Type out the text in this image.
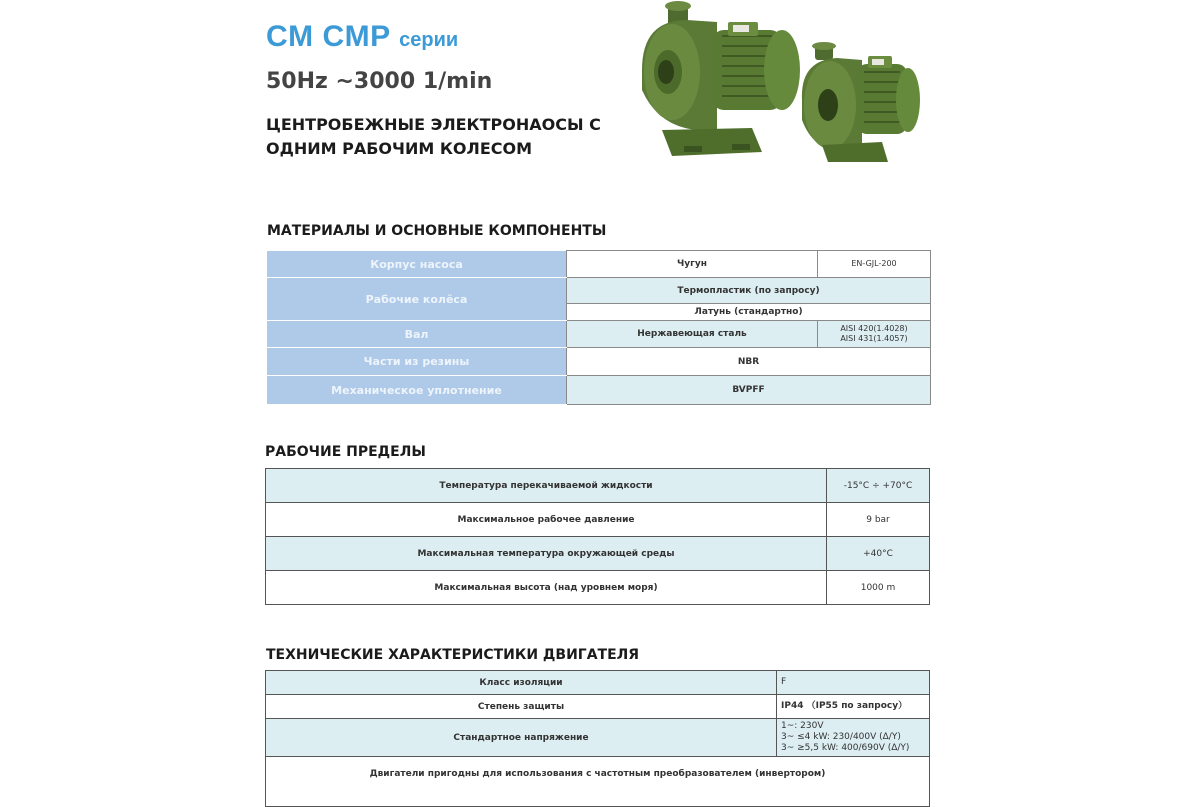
CM CMP серии
50Hz ~3000 1/min
ЦЕНТРОБЕЖНЫЕ ЭЛЕКТРОНАОСЫ С ОДНИМ РАБОЧИМ КОЛЕСОМ
МАТЕРИАЛЫ И ОСНОВНЫЕ КОМПОНЕНТЫ
Корпус насоса	Чугун	EN-GJL-200
Рабочие колёса	Термопластик (по запросу)	
	Латунь (стандартно)	
Вал	Нержавеющая сталь	AISI 420(1.4028)
AISI 431(1.4057)

Части из резины	NBR	
Механическое уплотнение	BVPFF	
РАБОЧИЕ ПРЕДЕЛЫ
Температура перекачиваемой жидкости	-15°C ÷ +70°C
Максимальное рабочее давление	9 bar
Максимальная температура окружающей среды	+40°C
Максимальная высота (над уровнем моря)	1000 m
ТЕХНИЧЕСКИЕ ХАРАКТЕРИСТИКИ ДВИГАТЕЛЯ
Класс изоляции	F
Степень защиты	IP44 （IP55 по запросу）
Стандартное напряжение	1~: 230V
3~ ≤4 kW: 230/400V (Δ/Y)
3~ ≥5,5 kW: 400/690V (Δ/Y)

Двигатели пригодны для использования с частотным преобразователем (инвертором)	
